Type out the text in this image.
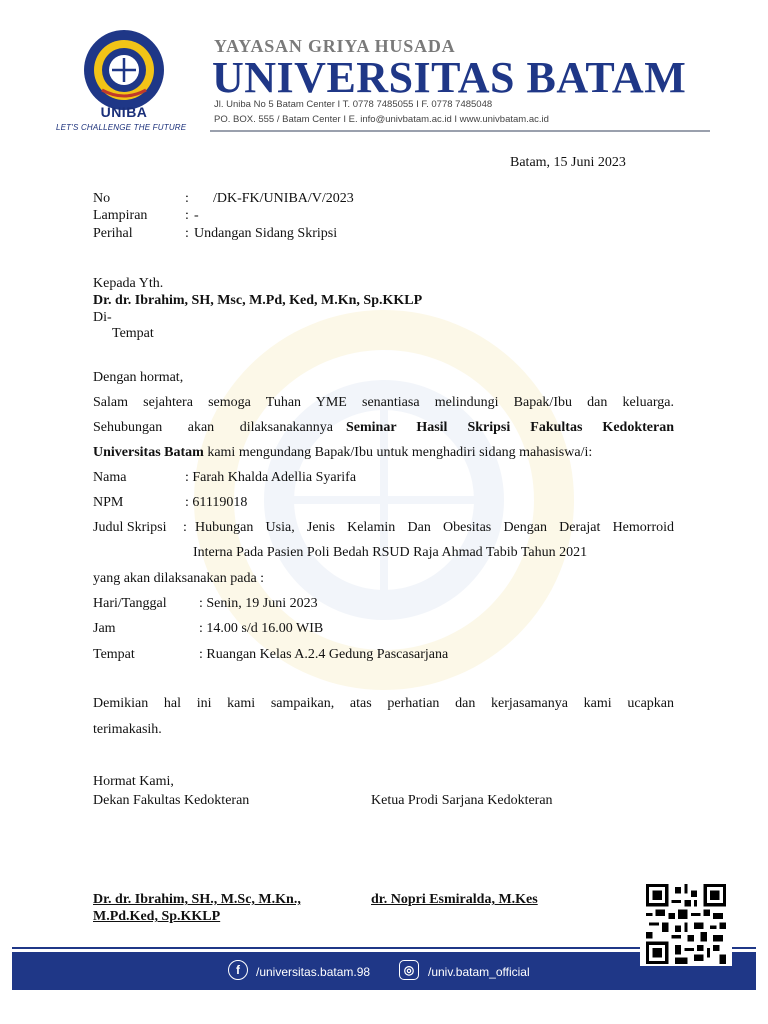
UNIBA
LET'S CHALLENGE THE FUTURE
YAYASAN GRIYA HUSADA
UNIVERSITAS BATAM
Jl. Uniba No 5 Batam Center I T. 0778 7485055 I F. 0778 7485048
PO. BOX. 555 / Batam Center I E. info@univbatam.ac.id I www.univbatam.ac.id
Batam, 15 Juni 2023
No	: /DK-FK/UNIBA/V/2023
Lampiran	: -
Perihal	: Undangan Sidang Skripsi
Kepada Yth.
Dr. dr. Ibrahim, SH, Msc, M.Pd, Ked, M.Kn, Sp.KKLP
Di-
Tempat
Dengan hormat,
Salam sejahtera semoga Tuhan YME senantiasa melindungi Bapak/Ibu dan keluarga.
Sehubungan akan dilaksanakannya Seminar Hasil Skripsi Fakultas Kedokteran
Universitas Batam kami mengundang Bapak/Ibu untuk menghadiri sidang mahasiswa/i:
Nama	: Farah Khalda Adellia Syarifa
NPM	: 61119018
Judul Skripsi : Hubungan Usia, Jenis Kelamin Dan Obesitas Dengan Derajat Hemorroid
Interna Pada Pasien Poli Bedah RSUD Raja Ahmad Tabib Tahun 2021
yang akan dilaksanakan pada :
Hari/Tanggal : Senin, 19 Juni 2023
Jam	: 14.00 s/d 16.00 WIB
Tempat	: Ruangan Kelas A.2.4 Gedung Pascasarjana
Demikian hal ini kami sampaikan, atas perhatian dan kerjasamanya kami ucapkan
terimakasih.
Hormat Kami,
Dekan Fakultas Kedokteran	Ketua Prodi Sarjana Kedokteran
Dr. dr. Ibrahim, SH., M.Sc, M.Kn.,
M.Pd.Ked, Sp.KKLP
dr. Nopri Esmiralda, M.Kes
f	/universitas.batam.98	◎	/univ.batam_official
